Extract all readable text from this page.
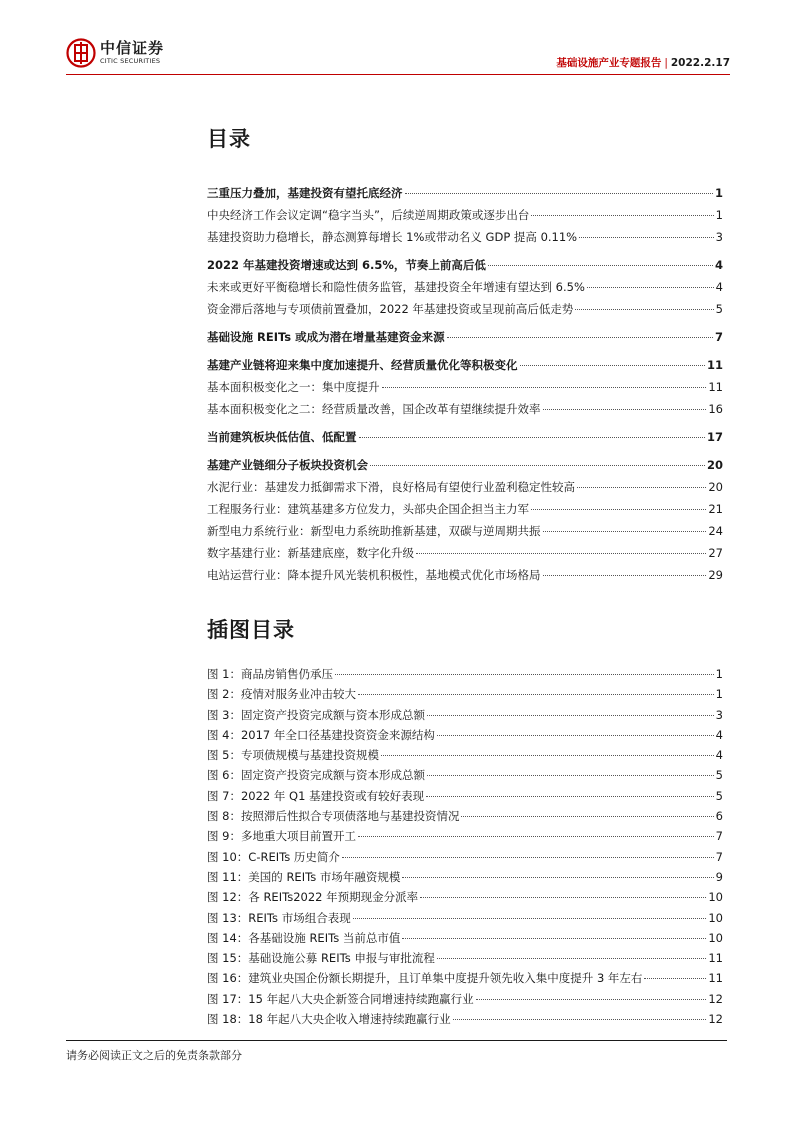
中信证券
CITIC SECURITIES	基础设施产业专题报告 | 2022.2.17
目录
三重压力叠加，基建投资有望托底经济	1
中央经济工作会议定调“稳字当头”，后续逆周期政策或逐步出台	1
基建投资助力稳增长，静态测算每增长 1%或带动名义 GDP 提高 0.11%	3
2022 年基建投资增速或达到 6.5%，节奏上前高后低	4
未来或更好平衡稳增长和隐性债务监管，基建投资全年增速有望达到 6.5%	4
资金滞后落地与专项债前置叠加，2022 年基建投资或呈现前高后低走势	5
基础设施 REITs 或成为潜在增量基建资金来源	7
基建产业链将迎来集中度加速提升、经营质量优化等积极变化	11
基本面积极变化之一：集中度提升	11
基本面积极变化之二：经营质量改善，国企改革有望继续提升效率	16
当前建筑板块低估值、低配置	17
基建产业链细分子板块投资机会	20
水泥行业：基建发力抵御需求下滑，良好格局有望使行业盈利稳定性较高	20
工程服务行业：建筑基建多方位发力，头部央企国企担当主力军	21
新型电力系统行业：新型电力系统助推新基建，双碳与逆周期共振	24
数字基建行业：新基建底座，数字化升级	27
电站运营行业：降本提升风光装机积极性，基地模式优化市场格局	29
插图目录
图 1：商品房销售仍承压	1
图 2：疫情对服务业冲击较大	1
图 3：固定资产投资完成额与资本形成总额	3
图 4：2017 年全口径基建投资资金来源结构	4
图 5：专项债规模与基建投资规模	4
图 6：固定资产投资完成额与资本形成总额	5
图 7：2022 年 Q1 基建投资或有较好表现	5
图 8：按照滞后性拟合专项债落地与基建投资情况	6
图 9：多地重大项目前置开工	7
图 10：C-REITs 历史简介	7
图 11：美国的 REITs 市场年融资规模	9
图 12：各 REITs2022 年预期现金分派率	10
图 13：REITs 市场组合表现	10
图 14：各基础设施 REITs 当前总市值	10
图 15：基础设施公募 REITs 申报与审批流程	11
图 16：建筑业央国企份额长期提升，且订单集中度提升领先收入集中度提升 3 年左右	11
图 17：15 年起八大央企新签合同增速持续跑赢行业	12
图 18：18 年起八大央企收入增速持续跑赢行业	12
请务必阅读正文之后的免责条款部分
